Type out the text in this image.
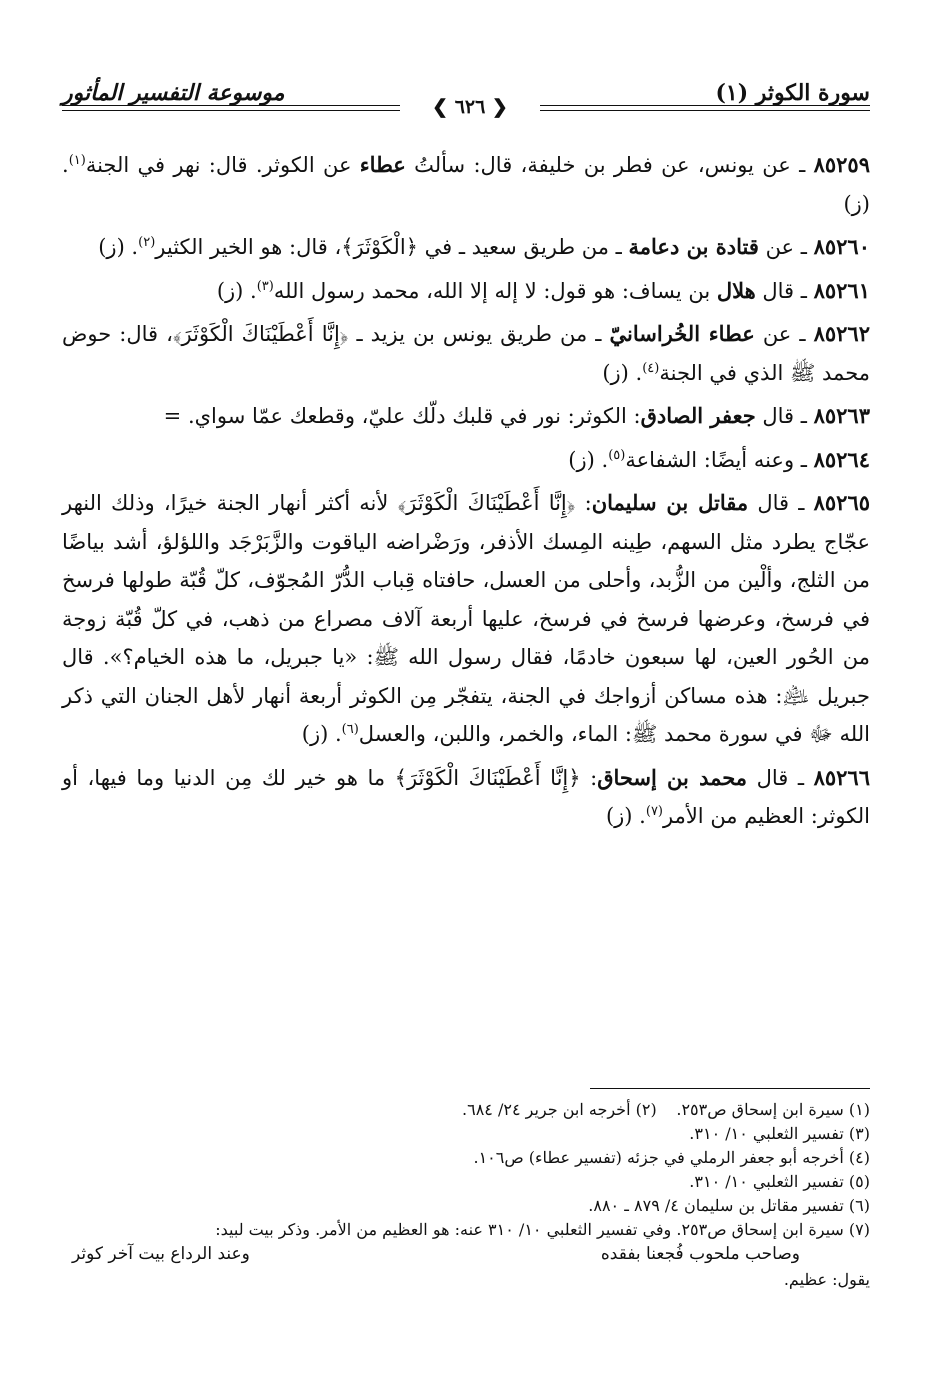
سورة الكوثر (١)
موسوعة التفسير المأثور
❮ ٦٢٦ ❯

٨٥٢٥٩ ـ عن يونس، عن فطر بن خليفة، قال: سألتُ عطاء عن الكوثر. قال: نهر في الجنة$^{(١)}$. (ز)

٨٥٢٦٠ ـ عن قتادة بن دعامة ـ من طريق سعيد ـ في ﴿الْكَوْثَرَ﴾، قال: هو الخير الكثير$^{(٢)}$. (ز)

٨٥٢٦١ ـ قال هلال بن يساف: هو قول: لا إله إلا الله، محمد رسول الله$^{(٣)}$. (ز)

٨٥٢٦٢ ـ عن عطاء الخُراسانيّ ـ من طريق يونس بن يزيد ـ ﴿إِنَّا أَعْطَيْنَاكَ الْكَوْثَرَ﴾، قال: حوض محمد ﷺ الذي في الجنة$^{(٤)}$. (ز)

٨٥٢٦٣ ـ قال جعفر الصادق: الكوثر: نور في قلبك دلّك عليّ، وقطعك عمّا سواي. =

٨٥٢٦٤ ـ وعنه أيضًا: الشفاعة$^{(٥)}$. (ز)

٨٥٢٦٥ ـ قال مقاتل بن سليمان: ﴿إِنَّا أَعْطَيْنَاكَ الْكَوْثَرَ﴾ لأنه أكثر أنهار الجنة خيرًا، وذلك النهر عجّاج يطرد مثل السهم، طِينه المِسك الأذفر، ورَضْراضه الياقوت والزَّبَرْجَد واللؤلؤ، أشد بياضًا من الثلج، وألْين من الزُّبد، وأحلى من العسل، حافتاه قِباب الدُّرّ المُجوّف، كلّ قُبّة طولها فرسخ في فرسخ، وعرضها فرسخ في فرسخ، عليها أربعة آلاف مصراع من ذهب، في كلّ قُبّة زوجة من الحُور العين، لها سبعون خادمًا، فقال رسول الله ﷺ: «يا جبريل، ما هذه الخيام؟». قال جبريل ﵇: هذه مساكن أزواجك في الجنة، يتفجّر مِن الكوثر أربعة أنهار لأهل الجنان التي ذكر الله ﷻ في سورة محمد ﷺ: الماء، والخمر، واللبن، والعسل$^{(٦)}$. (ز)

٨٥٢٦٦ ـ قال محمد بن إسحاق: ﴿إِنَّا أَعْطَيْنَاكَ الْكَوْثَرَ﴾ ما هو خير لك مِن الدنيا وما فيها، أو الكوثر: العظيم من الأمر$^{(٧)}$. (ز)

(١) سيرة ابن إسحاق ص٢٥٣.
(٢) أخرجه ابن جرير ٢٤/ ٦٨٤.
(٣) تفسير الثعلبي ١٠/ ٣١٠.
(٤) أخرجه أبو جعفر الرملي في جزئه (تفسير عطاء) ص١٠٦.
(٥) تفسير الثعلبي ١٠/ ٣١٠.
(٦) تفسير مقاتل بن سليمان ٤/ ٨٧٩ ـ ٨٨٠.
(٧) سيرة ابن إسحاق ص٢٥٣. وفي تفسير الثعلبي ١٠/ ٣١٠ عنه: هو العظيم من الأمر. وذكر بيت لبيد:
وصاحب ملحوب فُجعنا بفقده
وعند الرداع بيت آخر كوثر
يقول: عظيم.
